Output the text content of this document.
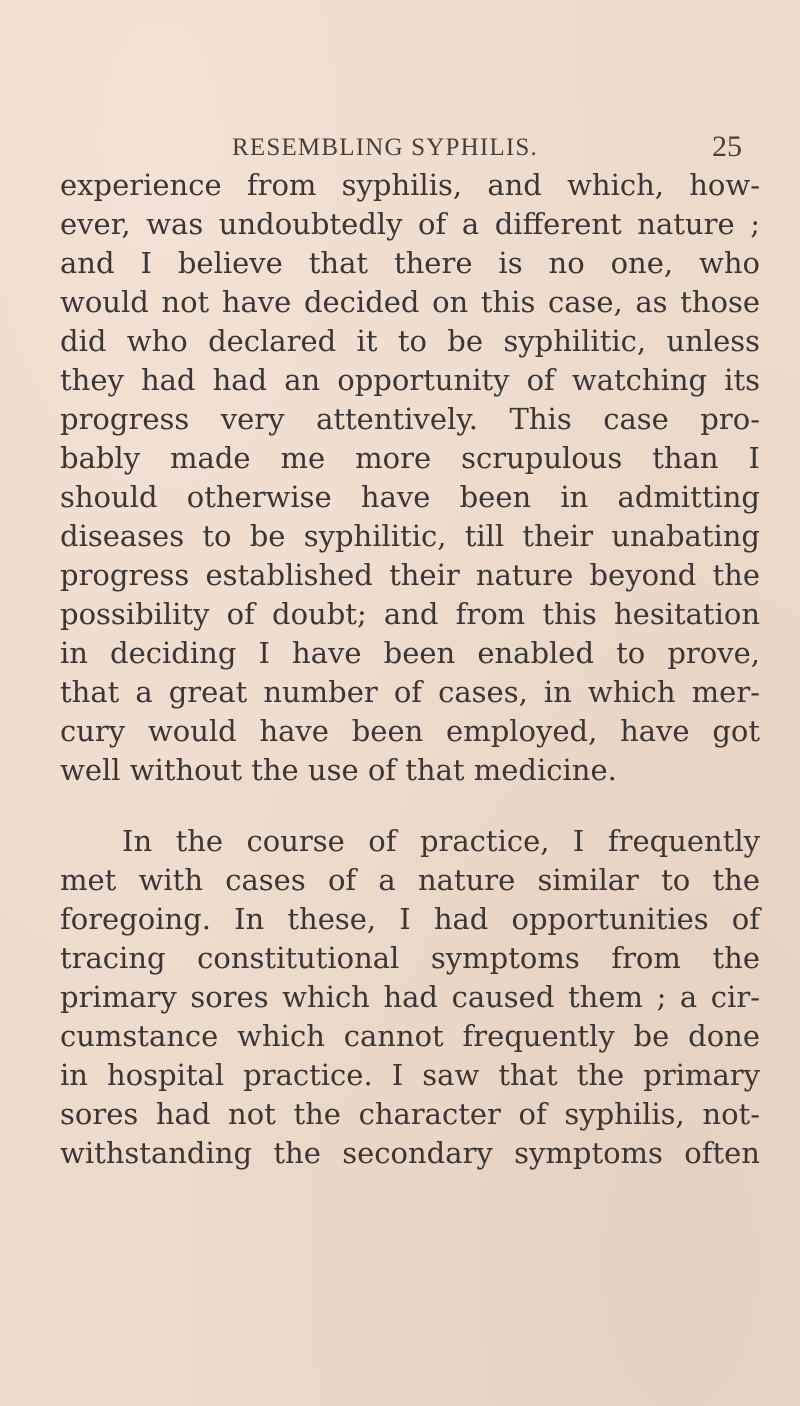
RESEMBLING SYPHILIS.	25
experience from syphilis, and which, how-
ever, was undoubtedly of a different nature ;
and I believe that there is no one, who
would not have decided on this case, as those
did who declared it to be syphilitic, unless
they had had an opportunity of watching its
progress very attentively. This case pro-
bably made me more scrupulous than I
should otherwise have been in admitting
diseases to be syphilitic, till their unabating
progress established their nature beyond the
possibility of doubt; and from this hesitation
in deciding I have been enabled to prove,
that a great number of cases, in which mer-
cury would have been employed, have got
well without the use of that medicine.
In the course of practice, I frequently
met with cases of a nature similar to the
foregoing. In these, I had opportunities of
tracing constitutional symptoms from the
primary sores which had caused them ; a cir-
cumstance which cannot frequently be done
in hospital practice. I saw that the primary
sores had not the character of syphilis, not-
withstanding the secondary symptoms often
